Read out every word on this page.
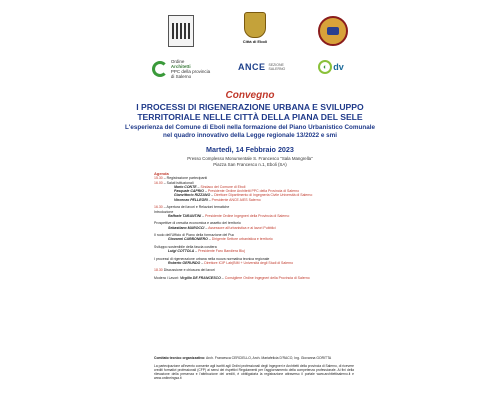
Città di Eboli
Ordine
Architetti
PPC della provincia
di Salerno
ANCE SEZIONE
SALERNO	◐ dv
Convegno
I PROCESSI DI RIGENERAZIONE URBANA E SVILUPPO
TERRITORIALE NELLE CITTÀ DELLA PIANA DEL SELE
L'esperienza del Comune di Eboli nella formazione del Piano Urbanistico Comunale
nel quadro innovativo della Legge regionale 13/2022 e smi
Martedì, 14 Febbraio 2023
Presso Complesso Monumentale S. Francesco "Sala Mangrella"
Piazza San Francesco n.1, Eboli (SA)
Agenda
15.30 – Registrazione partecipanti
16.00 – Saluti istituzionali
Mario CONTE – Sindaco del Comune di Eboli
Pasquale CAPRIO – Presidente Ordine Architetti PPC della Provincia di Salerno
Gianvittorio RIZZANO – Direttore Dipartimento di Ingegneria Civile Università di Salerno
Vincenzo PELLEGRI – Presidente ANCE AIES Salerno
16.30 – Apertura dei lavori e Relazioni tematiche
Introduzione
Raffaele TARANTINI – Presidente Ordine Ingegneri della Provincia di Salerno
Prospettive di crescita economica e assetto del territorio
Sebastiano MAROCCI – Assessore all'urbanistica e ai lavori Pubblici
Il ruolo dell'Ufficio di Piano della formazione del Puc
Giovanni CARBONIERO – Dirigente Settore urbanistica e territorio
Sviluppo sostenibile della fascia costiera
Luigi COTTOLA – Presidente Faro Bandiera Blu)
I processi di rigenerazione urbana nella nuova normativa tecnica regionale
Roberto GERUNDO – Direttore ICIP Lab(BIM + Università degli Studi di Salerno
18.30 Discussione e chiusura dei lavori
Modera i Lavori: Virgilio DE FRANCESCO – Consigliere Ordine Ingegneri della Provincia di Salerno
Comitato tecnico organizzativo: Arch. Francesca CERCIELLO, Arch. Mariafelicia D'RACO, Ing. Giovanna GORITTA
La partecipazione all'evento consente agli iscritti agli Ordini professionali degli Ingegneri e Architetti della provincia di Salerno, di ricevere crediti formativi professionali (CFP) ai sensi dei rispettivi Regolamenti per l'aggiornamento della competenza professionale. Ai fini della rilevazione della presenza e l'attribuzione dei crediti, è obbligatoria la registrazione attraverso il portale www.architettisalerno.it e www.ordineingsa.it
